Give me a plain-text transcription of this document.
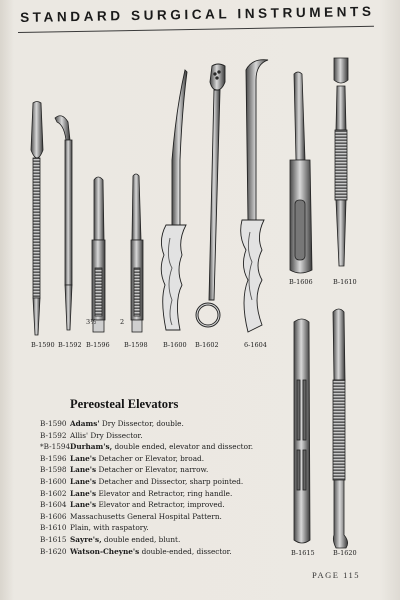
STANDARD SURGICAL INSTRUMENTS
B-1590 B-1592 B-1596 B-1598 B-1600 B-1602	6-1604
B-1606	B-1610
B-1615	B-1620
3½	2
Pereosteal Elevators
B-1590 Adams' Dry Dissector, double.
B-1592 Allis' Dry Dissector.
*B-1594Durham's, double ended, elevator and dissector.
B-1596 Lane's Detacher or Elevator, broad.
B-1598 Lane's Detacher or Elevator, narrow.
B-1600 Lane's Detacher and Dissector, sharp pointed.
B-1602 Lane's Elevator and Retractor, ring handle.
B-1604 Lane's Elevator and Retractor, improved.
B-1606 Massachusetts General Hospital Pattern.
B-1610 Plain, with raspatory.
B-1615 Sayre's, double ended, blunt.
B-1620 Watson-Cheyne's double-ended, dissector.
PAGE 115
